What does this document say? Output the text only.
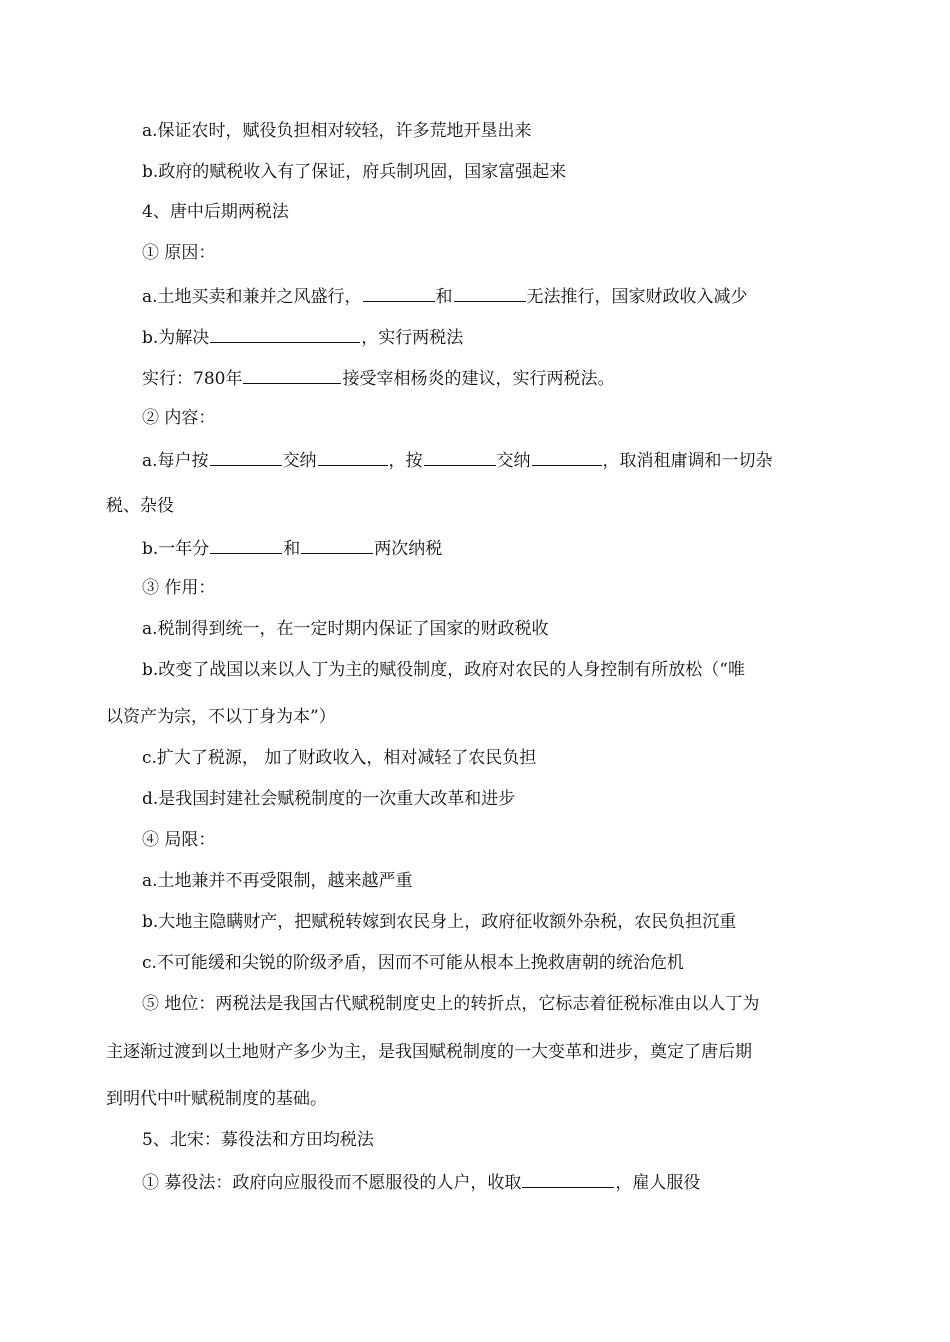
a.保证农时，赋役负担相对较轻，许多荒地开垦出来
b.政府的赋税收入有了保证，府兵制巩固，国家富强起来
4、唐中后期两税法
① 原因：
a.土地买卖和兼并之风盛行，	和	无法推行，国家财政收入减少
b.为解决	，实行两税法
实行：780年	接受宰相杨炎的建议，实行两税法。
② 内容：
a.每户按	交纳	，按	交纳	，取消租庸调和一切杂
税、杂役
b.一年分	和	两次纳税
③ 作用：
a.税制得到统一，在一定时期内保证了国家的财政税收
b.改变了战国以来以人丁为主的赋役制度，政府对农民的人身控制有所放松（“唯
以资产为宗，不以丁身为本”）
c.扩大了税源， 加了财政收入，相对减轻了农民负担
d.是我国封建社会赋税制度的一次重大改革和进步
④ 局限：
a.土地兼并不再受限制，越来越严重
b.大地主隐瞒财产，把赋税转嫁到农民身上，政府征收额外杂税，农民负担沉重
c.不可能缓和尖锐的阶级矛盾，因而不可能从根本上挽救唐朝的统治危机
⑤ 地位：两税法是我国古代赋税制度史上的转折点，它标志着征税标准由以人丁为
主逐渐过渡到以土地财产多少为主，是我国赋税制度的一大变革和进步，奠定了唐后期
到明代中叶赋税制度的基础。
5、北宋：募役法和方田均税法
① 募役法：政府向应服役而不愿服役的人户，收取	，雇人服役
